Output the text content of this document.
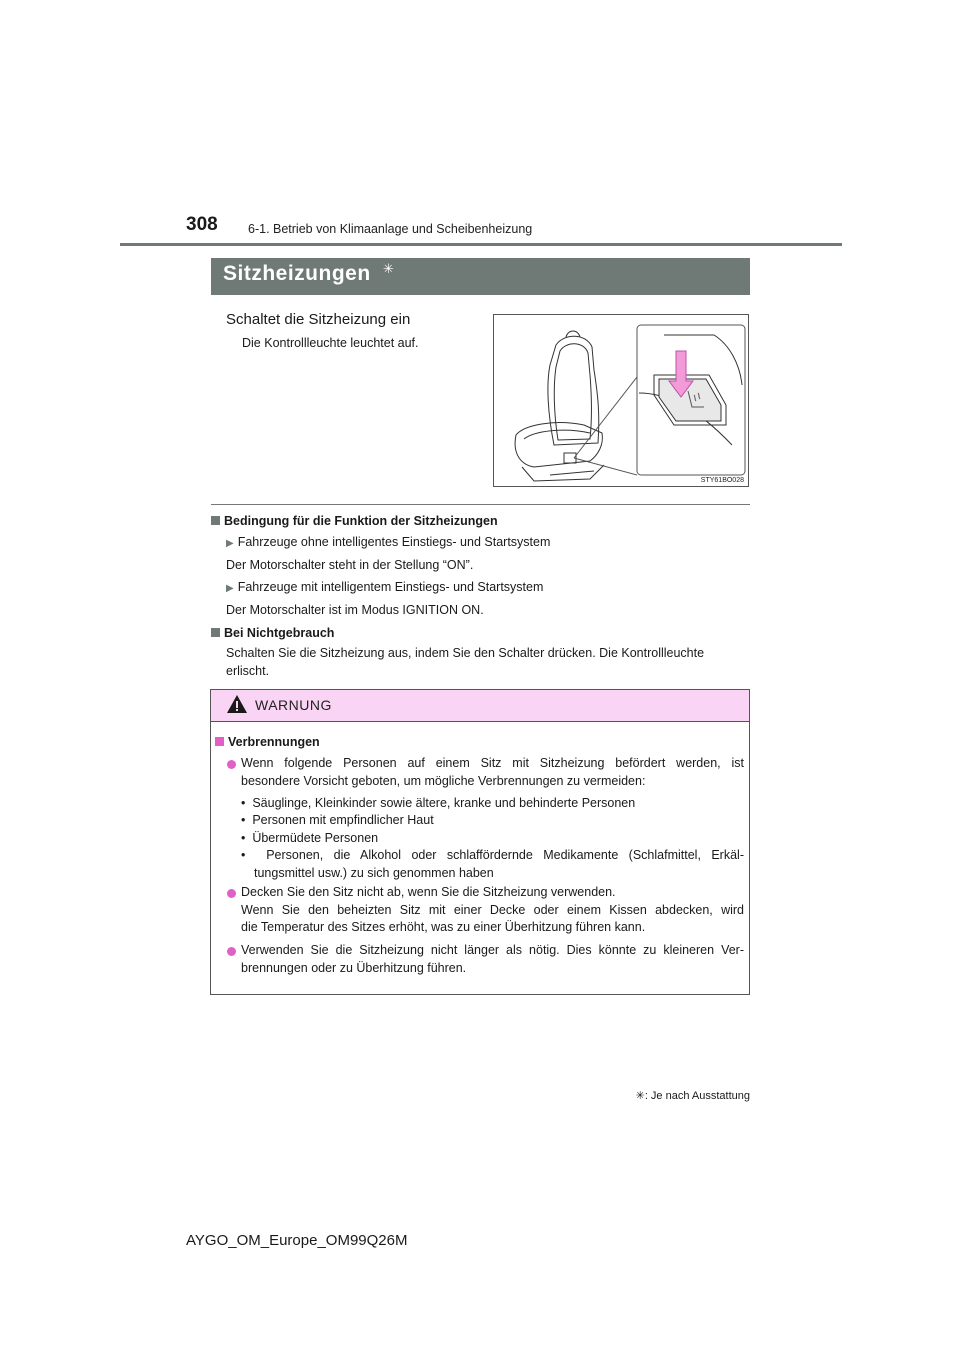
308 6-1. Betrieb von Klimaanlage und Scheibenheizung
Sitzheizungen ✳
Schaltet die Sitzheizung ein
Die Kontrollleuchte leuchtet auf.
STY61BO028
Bedingung für die Funktion der Sitzheizungen
▶ Fahrzeuge ohne intelligentes Einstiegs- und Startsystem
Der Motorschalter steht in der Stellung “ON”.
▶ Fahrzeuge mit intelligentem Einstiegs- und Startsystem
Der Motorschalter ist im Modus IGNITION ON.
Bei Nichtgebrauch
Schalten Sie die Sitzheizung aus, indem Sie den Schalter drücken. Die Kontrollleuchte
erlischt.
WARNUNG
Verbrennungen
Wenn folgende Personen auf einem Sitz mit Sitzheizung befördert werden, ist
besondere Vorsicht geboten, um mögliche Verbrennungen zu vermeiden:
•  Säuglinge, Kleinkinder sowie ältere, kranke und behinderte Personen
•  Personen mit empfindlicher Haut
•  Übermüdete Personen
•  Personen, die Alkohol oder schlaffördernde Medikamente (Schlafmittel, Erkäl-
tungsmittel usw.) zu sich genommen haben
Decken Sie den Sitz nicht ab, wenn Sie die Sitzheizung verwenden.
Wenn Sie den beheizten Sitz mit einer Decke oder einem Kissen abdecken, wird
die Temperatur des Sitzes erhöht, was zu einer Überhitzung führen kann.
Verwenden Sie die Sitzheizung nicht länger als nötig. Dies könnte zu kleineren Ver-
brennungen oder zu Überhitzung führen.
✳: Je nach Ausstattung
AYGO_OM_Europe_OM99Q26M
